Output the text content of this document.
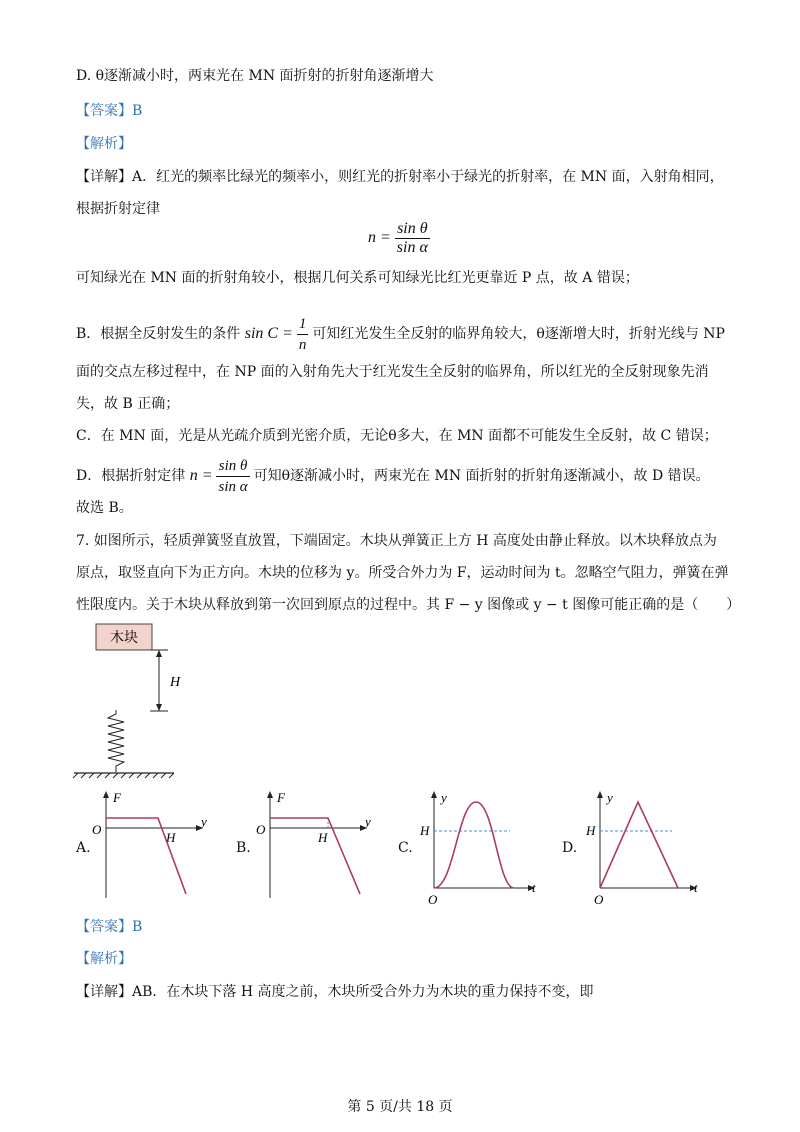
D. θ逐渐减小时，两束光在 MN 面折射的折射角逐渐增大
【答案】B
【解析】
【详解】A．红光的频率比绿光的频率小，则红光的折射率小于绿光的折射率，在 MN 面，入射角相同，
根据折射定律
$n = \frac{\text{sin θ}}{\text{sin α}}$
可知绿光在 MN 面的折射角较小，根据几何关系可知绿光比红光更靠近 P 点，故 A 错误；
B．根据全反射发生的条件 $\sin C = \frac{1}{n}$ 可知红光发生全反射的临界角较大，θ逐渐增大时，折射光线与 NP
面的交点左移过程中，在 NP 面的入射角先大于红光发生全反射的临界角，所以红光的全反射现象先消
失，故 B 正确；
C．在 MN 面，光是从光疏介质到光密介质，无论θ多大，在 MN 面都不可能发生全反射，故 C 错误；
D．根据折射定律 $n = \frac{\text{sin θ}}{\text{sin α}}$ 可知θ逐渐减小时，两束光在 MN 面折射的折射角逐渐减小，故 D 错误。
故选 B。
7. 如图所示，轻质弹簧竖直放置，下端固定。木块从弹簧正上方 H 高度处由静止释放。以木块释放点为
原点，取竖直向下为正方向。木块的位移为 y。所受合外力为 F，运动时间为 t。忽略空气阻力，弹簧在弹
性限度内。关于木块从释放到第一次回到原点的过程中。其 F − y 图像或 y − t 图像可能正确的是（　　）
木块
H
A.
F
y
O
H
B.
F
y
O
H
C.
y
t
O
H
D.
y
t
O
H
【答案】B
【解析】
【详解】AB．在木块下落 H 高度之前，木块所受合外力为木块的重力保持不变，即
第 5 页/共 18 页
